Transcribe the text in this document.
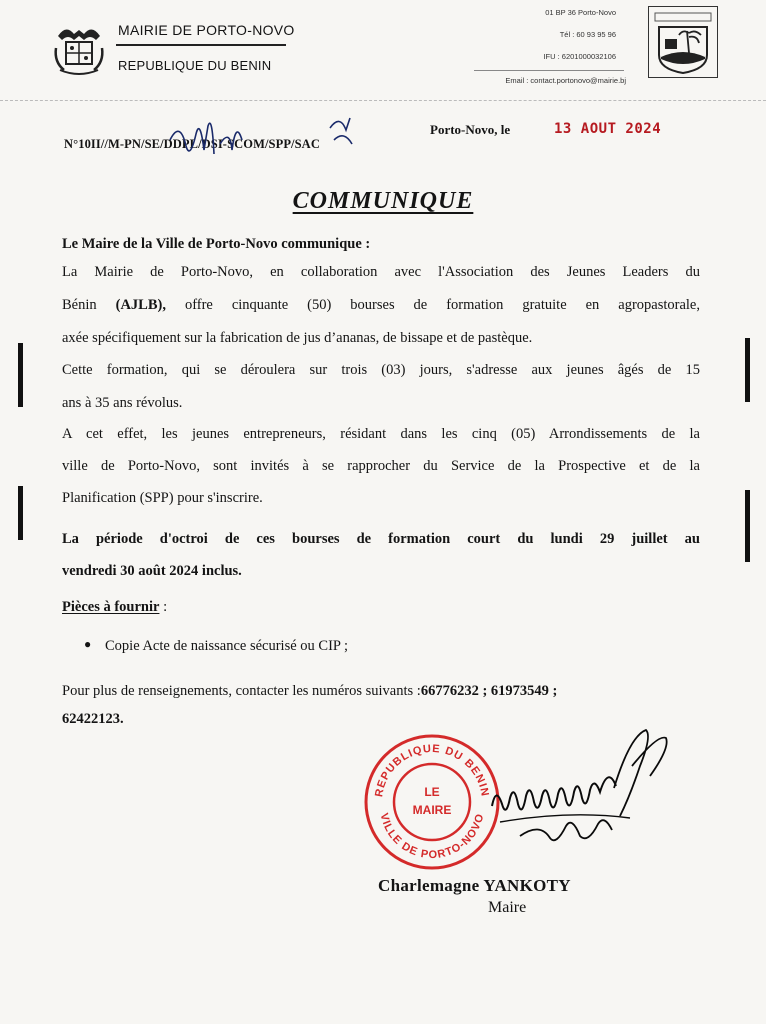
MAIRIE DE PORTO-NOVO
REPUBLIQUE DU BENIN
01 BP 36 Porto-Novo
Tél : 60 93 95 96
IFU : 6201000032106
Email : contact.portonovo@mairie.bj
N°10II//M-PN/SE/DDPL/DSI-SCOM/SPP/SAC
Porto-Novo, le	13 AOUT 2024
COMMUNIQUE
Le Maire de la Ville de Porto-Novo communique :
La Mairie de Porto-Novo, en collaboration avec l'Association des Jeunes Leaders du
Bénin (AJLB), offre cinquante (50) bourses de formation gratuite en agropastorale,
axée spécifiquement sur la fabrication de jus d’ananas, de bissape et de pastèque.
Cette formation, qui se déroulera sur trois (03) jours, s'adresse aux jeunes âgés de 15
ans à 35 ans révolus.
A cet effet, les jeunes entrepreneurs, résidant dans les cinq (05) Arrondissements de la
ville de Porto-Novo, sont invités à se rapprocher du Service de la Prospective et de la
Planification (SPP) pour s'inscrire.
La période d'octroi de ces bourses de formation court du lundi 29 juillet au
vendredi 30 août 2024 inclus.
Pièces à fournir :
● Copie Acte de naissance sécurisé ou CIP ;
Pour plus de renseignements, contacter les numéros suivants :66776232 ; 61973549 ;
62422123.
REPUBLIQUE DU BENIN
VILLE DE PORTO-NOVO
LE
MAIRE
Charlemagne YANKOTY
Maire
